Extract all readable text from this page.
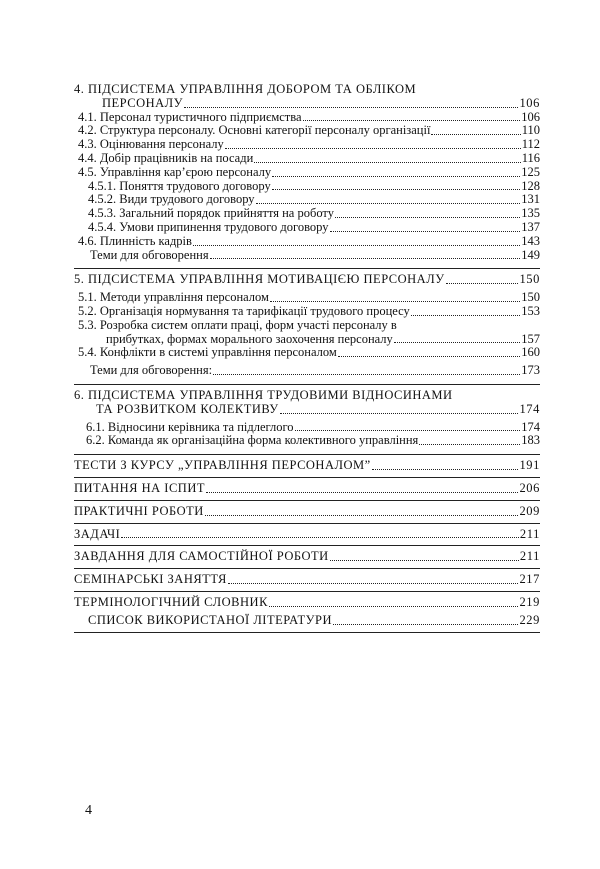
4. ПІДСИСТЕМА УПРАВЛІННЯ ДОБОРОМ ТА ОБЛІКОМ
ПЕРСОНАЛУ	106
4.1. Персонал туристичного підприємства	106
4.2. Структура персоналу. Основні категорії персоналу організації	110
4.3. Оцінювання персоналу	112
4.4. Добір працівників на посади	116
4.5. Управління кар’єрою персоналу	125
4.5.1. Поняття трудового договору	128
4.5.2. Види трудового договору	131
4.5.3. Загальний порядок прийняття на роботу	135
4.5.4. Умови припинення трудового договору	137
4.6. Плинність кадрів	143
Теми для обговорення	149
5. ПІДСИСТЕМА УПРАВЛІННЯ МОТИВАЦІЄЮ ПЕРСОНАЛУ	150
5.1. Методи управління персоналом	150
5.2. Організація нормування та тарифікації трудового процесу	153
5.3. Розробка систем оплати праці, форм участі персоналу в
прибутках, формах морального заохочення персоналу	157
5.4. Конфлікти в системі управління персоналом	160
Теми для обговорення:	173
6. ПІДСИСТЕМА УПРАВЛІННЯ ТРУДОВИМИ ВІДНОСИНАМИ
ТА РОЗВИТКОМ КОЛЕКТИВУ	174
6.1. Відносини керівника та підлеглого	174
6.2. Команда як організаційна форма колективного управління	183
ТЕСТИ З КУРСУ „УПРАВЛІННЯ ПЕРСОНАЛОМ”	191
ПИТАННЯ НА ІСПИТ	206
ПРАКТИЧНІ РОБОТИ	209
ЗАДАЧІ	211
ЗАВДАННЯ ДЛЯ САМОСТІЙНОЇ РОБОТИ	211
СЕМІНАРСЬКІ ЗАНЯТТЯ	217
ТЕРМІНОЛОГІЧНИЙ СЛОВНИК	219
СПИСОК ВИКОРИСТАНОЇ ЛІТЕРАТУРИ	229
4
